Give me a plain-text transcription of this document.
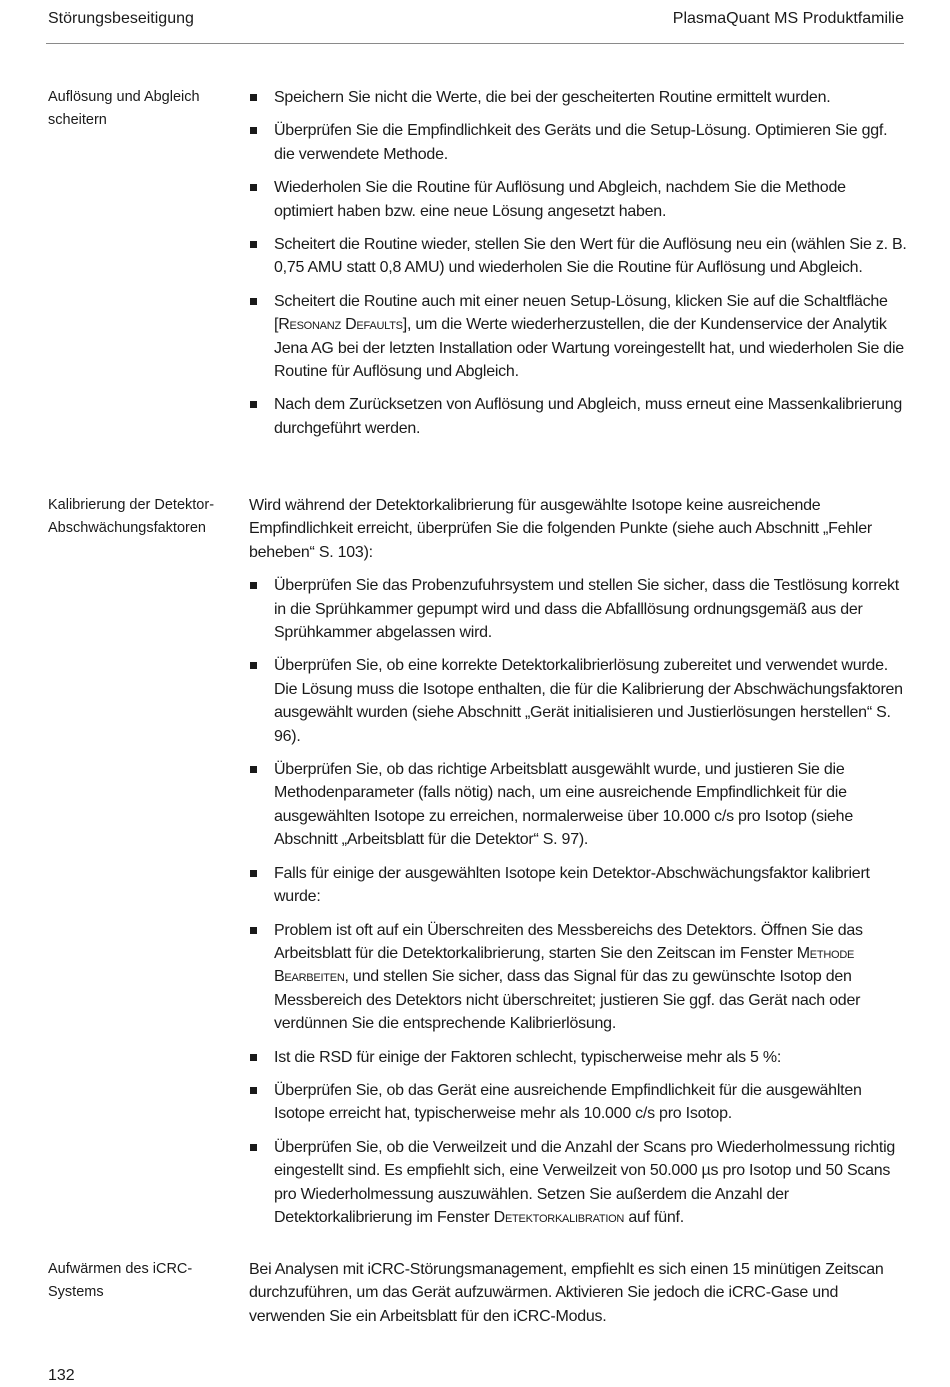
Störungsbeseitigung	PlasmaQuant MS Produktfamilie
Auflösung und Abgleich scheitern
Speichern Sie nicht die Werte, die bei der gescheiterten Routine ermittelt wurden.
Überprüfen Sie die Empfindlichkeit des Geräts und die Setup-Lösung. Optimieren Sie ggf. die verwendete Methode.
Wiederholen Sie die Routine für Auflösung und Abgleich, nachdem Sie die Methode optimiert haben bzw. eine neue Lösung angesetzt haben.
Scheitert die Routine wieder, stellen Sie den Wert für die Auflösung neu ein (wählen Sie z. B. 0,75 AMU statt 0,8 AMU) und wiederholen Sie die Routine für Auflösung und Abgleich.
Scheitert die Routine auch mit einer neuen Setup-Lösung, klicken Sie auf die Schaltfläche [Resonanz Defaults], um die Werte wiederherzustellen, die der Kundenservice der Analytik Jena AG bei der letzten Installation oder Wartung voreingestellt hat, und wiederholen Sie die Routine für Auflösung und Abgleich.
Nach dem Zurücksetzen von Auflösung und Abgleich, muss erneut eine Massenkalibrierung durchgeführt werden.
Kalibrierung der Detektor-Abschwächungsfaktoren

Wird während der Detektorkalibrierung für ausgewählte Isotope keine ausreichende Empfindlichkeit erreicht, überprüfen Sie die folgenden Punkte (siehe auch Abschnitt „Fehler beheben“ S. 103):

Überprüfen Sie das Probenzufuhrsystem und stellen Sie sicher, dass die Testlösung korrekt in die Sprühkammer gepumpt wird und dass die Abfalllösung ordnungsgemäß aus der Sprühkammer abgelassen wird.
Überprüfen Sie, ob eine korrekte Detektorkalibrierlösung zubereitet und verwendet wurde. Die Lösung muss die Isotope enthalten, die für die Kalibrierung der Abschwächungsfaktoren ausgewählt wurden (siehe Abschnitt „Gerät initialisieren und Justierlösungen herstellen“ S. 96).
Überprüfen Sie, ob das richtige Arbeitsblatt ausgewählt wurde, und justieren Sie die Methodenparameter (falls nötig) nach, um eine ausreichende Empfindlichkeit für die ausgewählten Isotope zu erreichen, normalerweise über 10.000 c/s pro Isotop (siehe Abschnitt „Arbeitsblatt für die Detektor“ S. 97).
Falls für einige der ausgewählten Isotope kein Detektor-Abschwächungsfaktor kalibriert wurde:
Problem ist oft auf ein Überschreiten des Messbereichs des Detektors. Öffnen Sie das Arbeitsblatt für die Detektorkalibrierung, starten Sie den Zeitscan im Fenster Methode Bearbeiten, und stellen Sie sicher, dass das Signal für das zu gewünschte Isotop den Messbereich des Detektors nicht überschreitet; justieren Sie ggf. das Gerät nach oder verdünnen Sie die entsprechende Kalibrierlösung.
Ist die RSD für einige der Faktoren schlecht, typischerweise mehr als 5 %:
Überprüfen Sie, ob das Gerät eine ausreichende Empfindlichkeit für die ausgewählten Isotope erreicht hat, typischerweise mehr als 10.000 c/s pro Isotop.
Überprüfen Sie, ob die Verweilzeit und die Anzahl der Scans pro Wiederholmessung richtig eingestellt sind. Es empfiehlt sich, eine Verweilzeit von 50.000 µs pro Isotop und 50 Scans pro Wiederholmessung auszuwählen. Setzen Sie außerdem die Anzahl der Detektorkalibrierung im Fenster Detektorkalibration auf fünf.
Aufwärmen des iCRC-Systems

Bei Analysen mit iCRC-Störungsmanagement, empfiehlt es sich einen 15 minütigen Zeitscan durchzuführen, um das Gerät aufzuwärmen. Aktivieren Sie jedoch die iCRC-Gase und verwenden Sie ein Arbeitsblatt für den iCRC-Modus.

132
